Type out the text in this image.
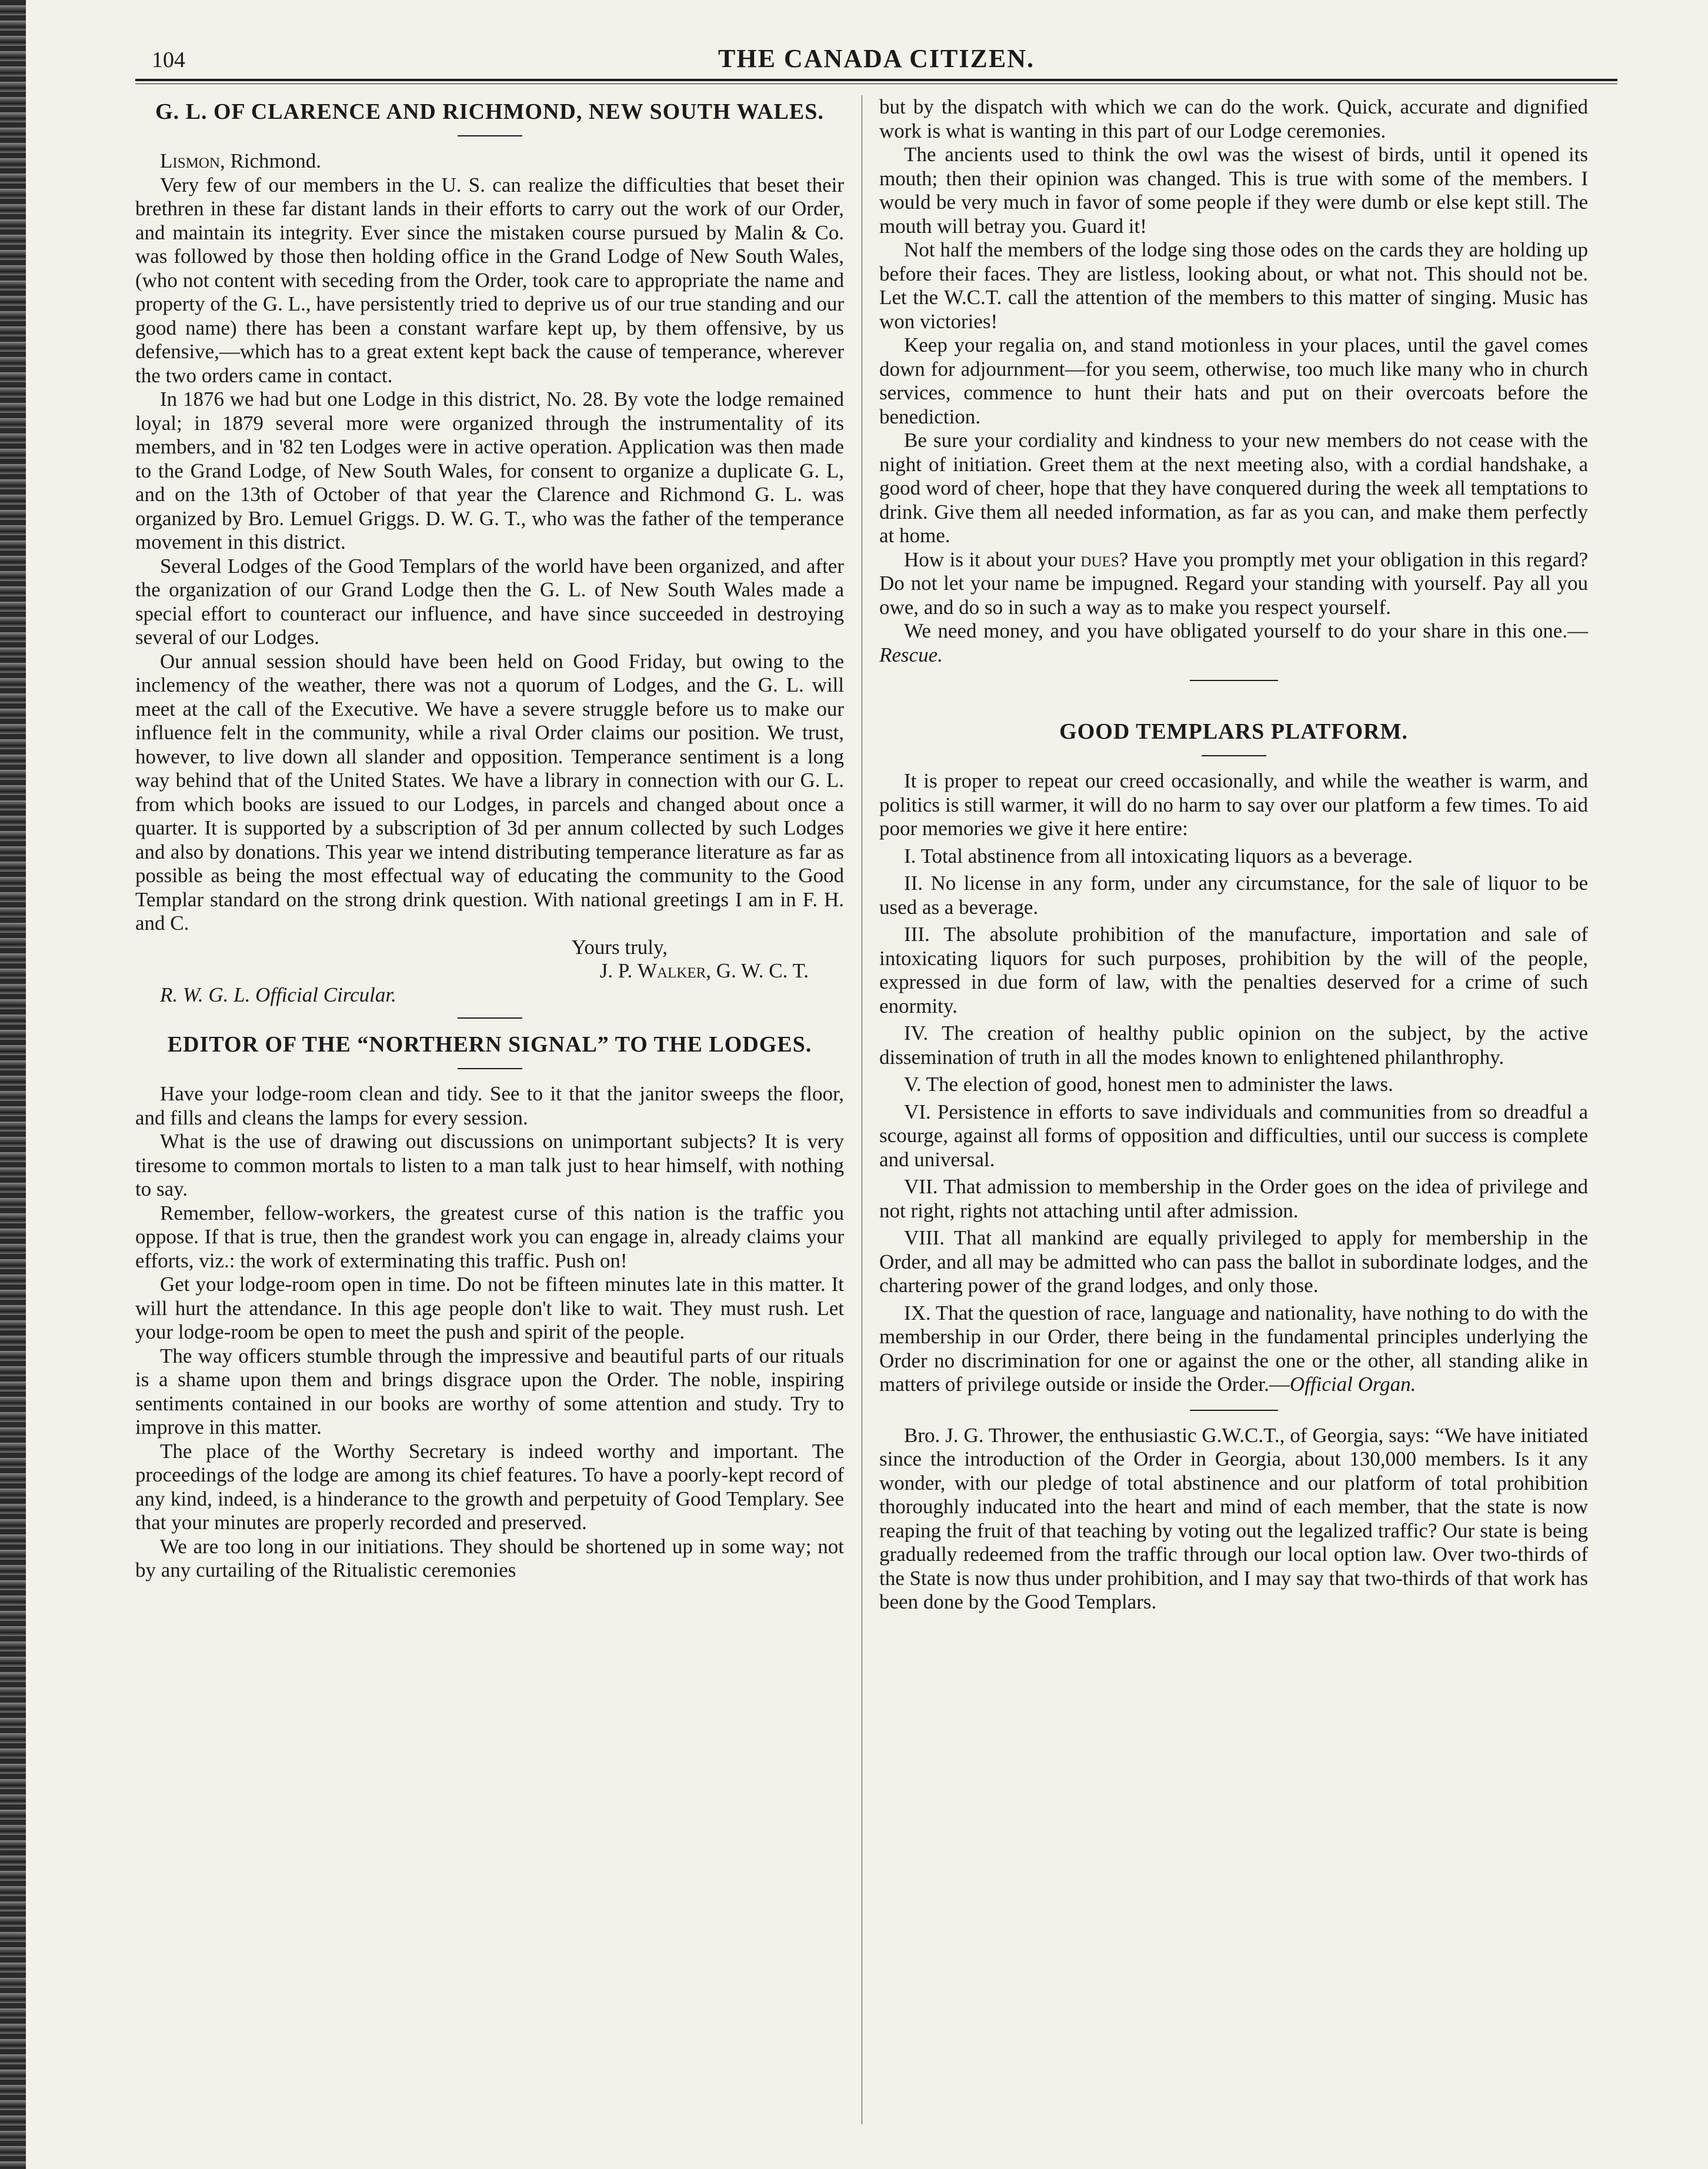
104	THE CANADA CITIZEN.
G. L. OF CLARENCE AND RICHMOND, NEW SOUTH WALES.

Lismon, Richmond.

Very few of our members in the U. S. can realize the difficulties that beset their brethren in these far distant lands in their efforts to carry out the work of our Order, and maintain its integrity. Ever since the mistaken course pursued by Malin & Co. was followed by those then holding office in the Grand Lodge of New South Wales, (who not content with seceding from the Order, took care to appropriate the name and property of the G. L., have persistently tried to deprive us of our true standing and our good name) there has been a constant warfare kept up, by them offensive, by us defensive,—which has to a great extent kept back the cause of temperance, wherever the two orders came in contact.

In 1876 we had but one Lodge in this district, No. 28. By vote the lodge remained loyal; in 1879 several more were organized through the instrumentality of its members, and in '82 ten Lodges were in active operation. Application was then made to the Grand Lodge, of New South Wales, for consent to organize a duplicate G. L, and on the 13th of October of that year the Clarence and Richmond G. L. was organized by Bro. Lemuel Griggs. D. W. G. T., who was the father of the temperance movement in this district.

Several Lodges of the Good Templars of the world have been organized, and after the organization of our Grand Lodge then the G. L. of New South Wales made a special effort to counteract our influence, and have since succeeded in destroying several of our Lodges.

Our annual session should have been held on Good Friday, but owing to the inclemency of the weather, there was not a quorum of Lodges, and the G. L. will meet at the call of the Executive. We have a severe struggle before us to make our influence felt in the community, while a rival Order claims our position. We trust, however, to live down all slander and opposition. Temperance sentiment is a long way behind that of the United States. We have a library in connection with our G. L. from which books are issued to our Lodges, in parcels and changed about once a quarter. It is supported by a subscription of 3d per annum collected by such Lodges and also by donations. This year we intend distributing temperance literature as far as possible as being the most effectual way of educating the community to the Good Templar standard on the strong drink question. With national greetings I am in F. H. and C.

Yours truly,

J. P. Walker, G. W. C. T.

R. W. G. L. Official Circular.

EDITOR OF THE “NORTHERN SIGNAL” TO THE LODGES.

Have your lodge-room clean and tidy. See to it that the janitor sweeps the floor, and fills and cleans the lamps for every session.

What is the use of drawing out discussions on unimportant subjects? It is very tiresome to common mortals to listen to a man talk just to hear himself, with nothing to say.

Remember, fellow-workers, the greatest curse of this nation is the traffic you oppose. If that is true, then the grandest work you can engage in, already claims your efforts, viz.: the work of exterminating this traffic. Push on!

Get your lodge-room open in time. Do not be fifteen minutes late in this matter. It will hurt the attendance. In this age people don't like to wait. They must rush. Let your lodge-room be open to meet the push and spirit of the people.

The way officers stumble through the impressive and beautiful parts of our rituals is a shame upon them and brings disgrace upon the Order. The noble, inspiring sentiments contained in our books are worthy of some attention and study. Try to improve in this matter.

The place of the Worthy Secretary is indeed worthy and important. The proceedings of the lodge are among its chief features. To have a poorly-kept record of any kind, indeed, is a hinderance to the growth and perpetuity of Good Templary. See that your minutes are properly recorded and preserved.

We are too long in our initiations. They should be shortened up in some way; not by any curtailing of the Ritualistic ceremonies

but by the dispatch with which we can do the work. Quick, accurate and dignified work is what is wanting in this part of our Lodge ceremonies.

The ancients used to think the owl was the wisest of birds, until it opened its mouth; then their opinion was changed. This is true with some of the members. I would be very much in favor of some people if they were dumb or else kept still. The mouth will betray you. Guard it!

Not half the members of the lodge sing those odes on the cards they are holding up before their faces. They are listless, looking about, or what not. This should not be. Let the W.C.T. call the attention of the members to this matter of singing. Music has won victories!

Keep your regalia on, and stand motionless in your places, until the gavel comes down for adjournment—for you seem, otherwise, too much like many who in church services, commence to hunt their hats and put on their overcoats before the benediction.

Be sure your cordiality and kindness to your new members do not cease with the night of initiation. Greet them at the next meeting also, with a cordial handshake, a good word of cheer, hope that they have conquered during the week all temptations to drink. Give them all needed information, as far as you can, and make them perfectly at home.

How is it about your dues? Have you promptly met your obligation in this regard? Do not let your name be impugned. Regard your standing with yourself. Pay all you owe, and do so in such a way as to make you respect yourself.

We need money, and you have obligated yourself to do your share in this one.—Rescue.

GOOD TEMPLARS PLATFORM.

It is proper to repeat our creed occasionally, and while the weather is warm, and politics is still warmer, it will do no harm to say over our platform a few times. To aid poor memories we give it here entire:

I. Total abstinence from all intoxicating liquors as a beverage.

II. No license in any form, under any circumstance, for the sale of liquor to be used as a beverage.

III. The absolute prohibition of the manufacture, importation and sale of intoxicating liquors for such purposes, prohibition by the will of the people, expressed in due form of law, with the penalties deserved for a crime of such enormity.

IV. The creation of healthy public opinion on the subject, by the active dissemination of truth in all the modes known to enlightened philanthrophy.

V. The election of good, honest men to administer the laws.

VI. Persistence in efforts to save individuals and communities from so dreadful a scourge, against all forms of opposition and difficulties, until our success is complete and universal.

VII. That admission to membership in the Order goes on the idea of privilege and not right, rights not attaching until after admission.

VIII. That all mankind are equally privileged to apply for membership in the Order, and all may be admitted who can pass the ballot in subordinate lodges, and the chartering power of the grand lodges, and only those.

IX. That the question of race, language and nationality, have nothing to do with the membership in our Order, there being in the fundamental principles underlying the Order no discrimination for one or against the one or the other, all standing alike in matters of privilege outside or inside the Order.—Official Organ.

Bro. J. G. Thrower, the enthusiastic G.W.C.T., of Georgia, says: “We have initiated since the introduction of the Order in Georgia, about 130,000 members. Is it any wonder, with our pledge of total abstinence and our platform of total prohibition thoroughly inducated into the heart and mind of each member, that the state is now reaping the fruit of that teaching by voting out the legalized traffic? Our state is being gradually redeemed from the traffic through our local option law. Over two-thirds of the State is now thus under prohibition, and I may say that two-thirds of that work has been done by the Good Templars.
